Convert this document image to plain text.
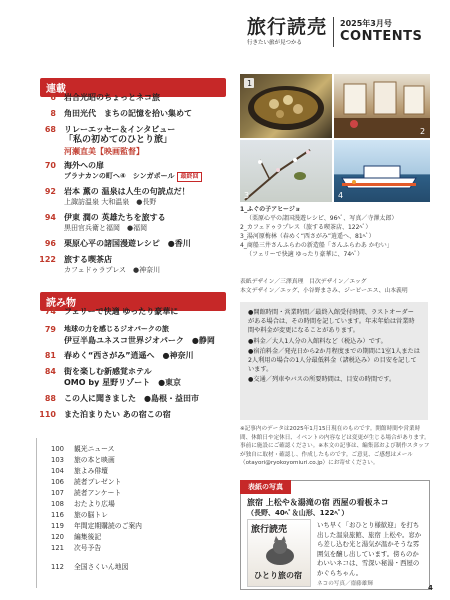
旅行読売
行きたい旅が見つかる
2025年3月号
CONTENTS
連載
6 岩合光昭のちょっとネコ旅
8 角田光代　まちの記憶を拾い集めて
68 リレーエッセー＆インタビュー
「私の初めてのひとり旅」
河瀬直美【映画監督】
70 海外への扉
プラナカンの町へ④　シンガポール 最終回
92 岩本 薫の 温泉は人生の句読点だ！
上諏訪温泉 大和温泉　●長野
94 伊東 潤の 英雄たちを旅する
黒田官兵衛と福岡　●福岡
96 栗原心平の諸国漫遊レシピ　●香川
122 旅する喫茶店
カフェドゥラプレス　●神奈川
読み物
74 フェリーで快適 ゆったり豪華に
79 地球の力を感じるジオパークの旅
伊豆半島ユネスコ世界ジオパーク　●静岡
81 春めく“西さがみ”逍遥へ　●神奈川
84 街を楽しむ新感覚ホテル
OMO by 星野リゾート　●東京
88 この人に聞きました　●島根・益田市
110 また泊まりたい あの宿この宿
100 観光ニュース
103 旅の本と映画
104 旅よみ俳壇
106 読者プレゼント
107 読者アンケート
108 おたより広場
116 旅の脳トレ
119 年間定期購読のご案内
120 編集後記
121 次号予告
112 全国さくいん地図
1
2
3	4
1_ふぐの子アヒージョ
（栗原心平の諸国漫遊レシピ、96ﾍﾟ、写真／寺澤太郎）
2_カフェドゥラプレス（旅する喫茶店、122ﾍﾟ）
3_湯河原梅林（春めく“西さがみ”逍遥へ、81ﾍﾟ）
4_商船三井さんふらわの新造船「さんふらわあ かむい」
（フェリーで快適 ゆったり豪華に、74ﾍﾟ）
表紙デザイン／三澤真理　目次デザイン／エッグ
本文デザイン／エッグ、小谷野まさみ、ジーピーエス、山本義明

●開館時間・営業時間／最終入館受付時間、ラストオーダーがある場合は、その時間を記しています。年末年始は営業時間や料金が変更になることがあります。

●料金／大人1人分の入館料など（税込み）です。

●宿泊料金／発売日から2か月程度までの期間に1室1人または2人利用の場合の1人分最低料金（諸税込み）の目安を記しています。

●交通／列車やバスの所要時間は、目安の時間です。

※記事内のデータは2025年1月15日現在のものです。開館時間や営業時間、休館日や定休日、イベントの内容などは変更が生じる場合があります。事前に施設にご確認ください。※本文の記事は、編集部および制作スタッフが独自に取材・確認し、作成したものです。ご意見、ご感想はメール（otayori@ryokoyomiuri.co.jp）にお寄せください。
表紙の写真
旅宿 上松や＆湯滝の宿 西屋の看板ネコ
（長野、40ﾍﾟ＆山形、122ﾍﾟ）
旅行読売
ひとり旅の宿
いち早く「おひとり様歓迎」を打ち出した温泉旅館、旅宿 上松や。窓から差し込む光と湯気が温かそうな雰囲気を醸し出しています。傍らのかわいいネコは、雪深い秘湯・西屋のかぐらちゃん。
ネコの写真／齋藤雄輝	4
